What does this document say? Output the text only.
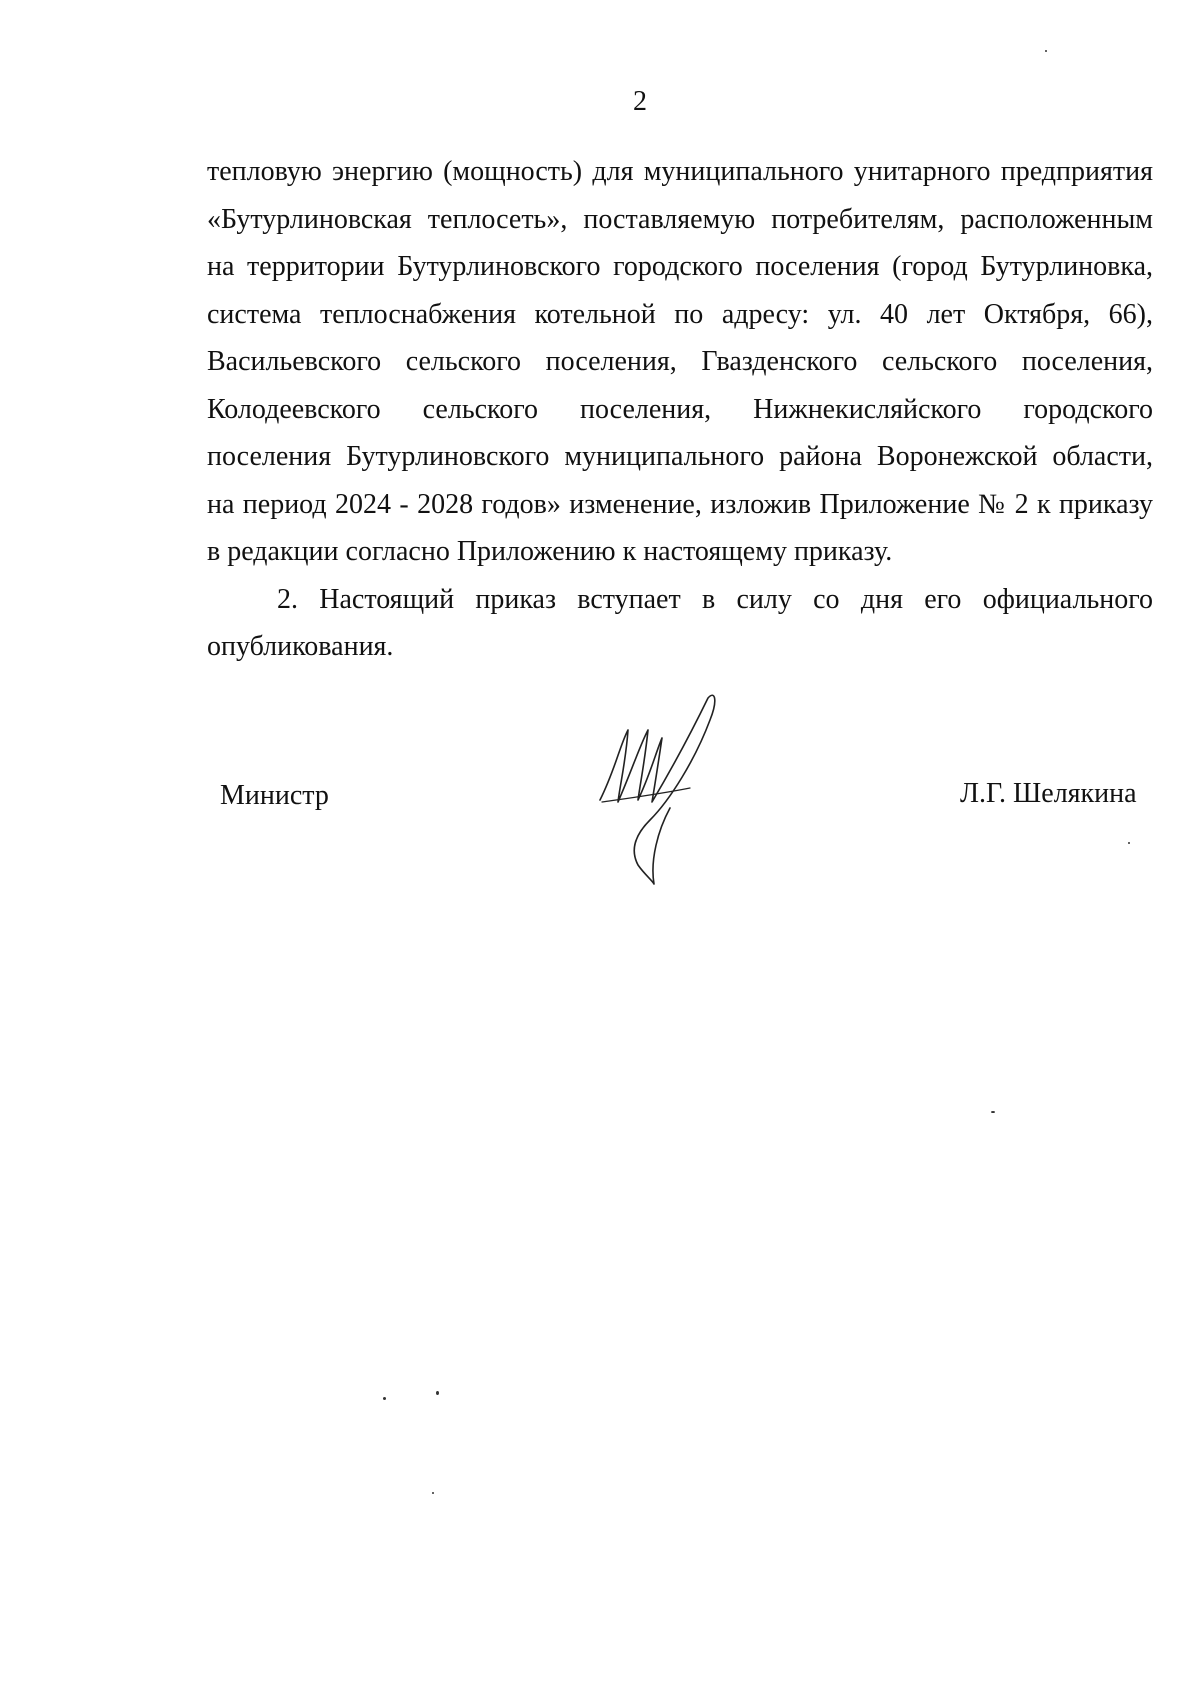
2
тепловую энергию (мощность) для муниципального унитарного предприятия
«Бутурлиновская теплосеть», поставляемую потребителям, расположенным
на территории Бутурлиновского городского поселения (город Бутурлиновка,
система теплоснабжения котельной по адресу: ул. 40 лет Октября, 66),
Васильевского сельского поселения, Гвазденского сельского поселения,
Колодеевского сельского поселения, Нижнекисляйского городского
поселения Бутурлиновского муниципального района Воронежской области,
на период 2024 - 2028 годов» изменение, изложив Приложение № 2 к приказу
в редакции согласно Приложению к настоящему приказу.
2. Настоящий приказ вступает в силу со дня его официального
опубликования.
Министр	Л.Г. Шелякина
